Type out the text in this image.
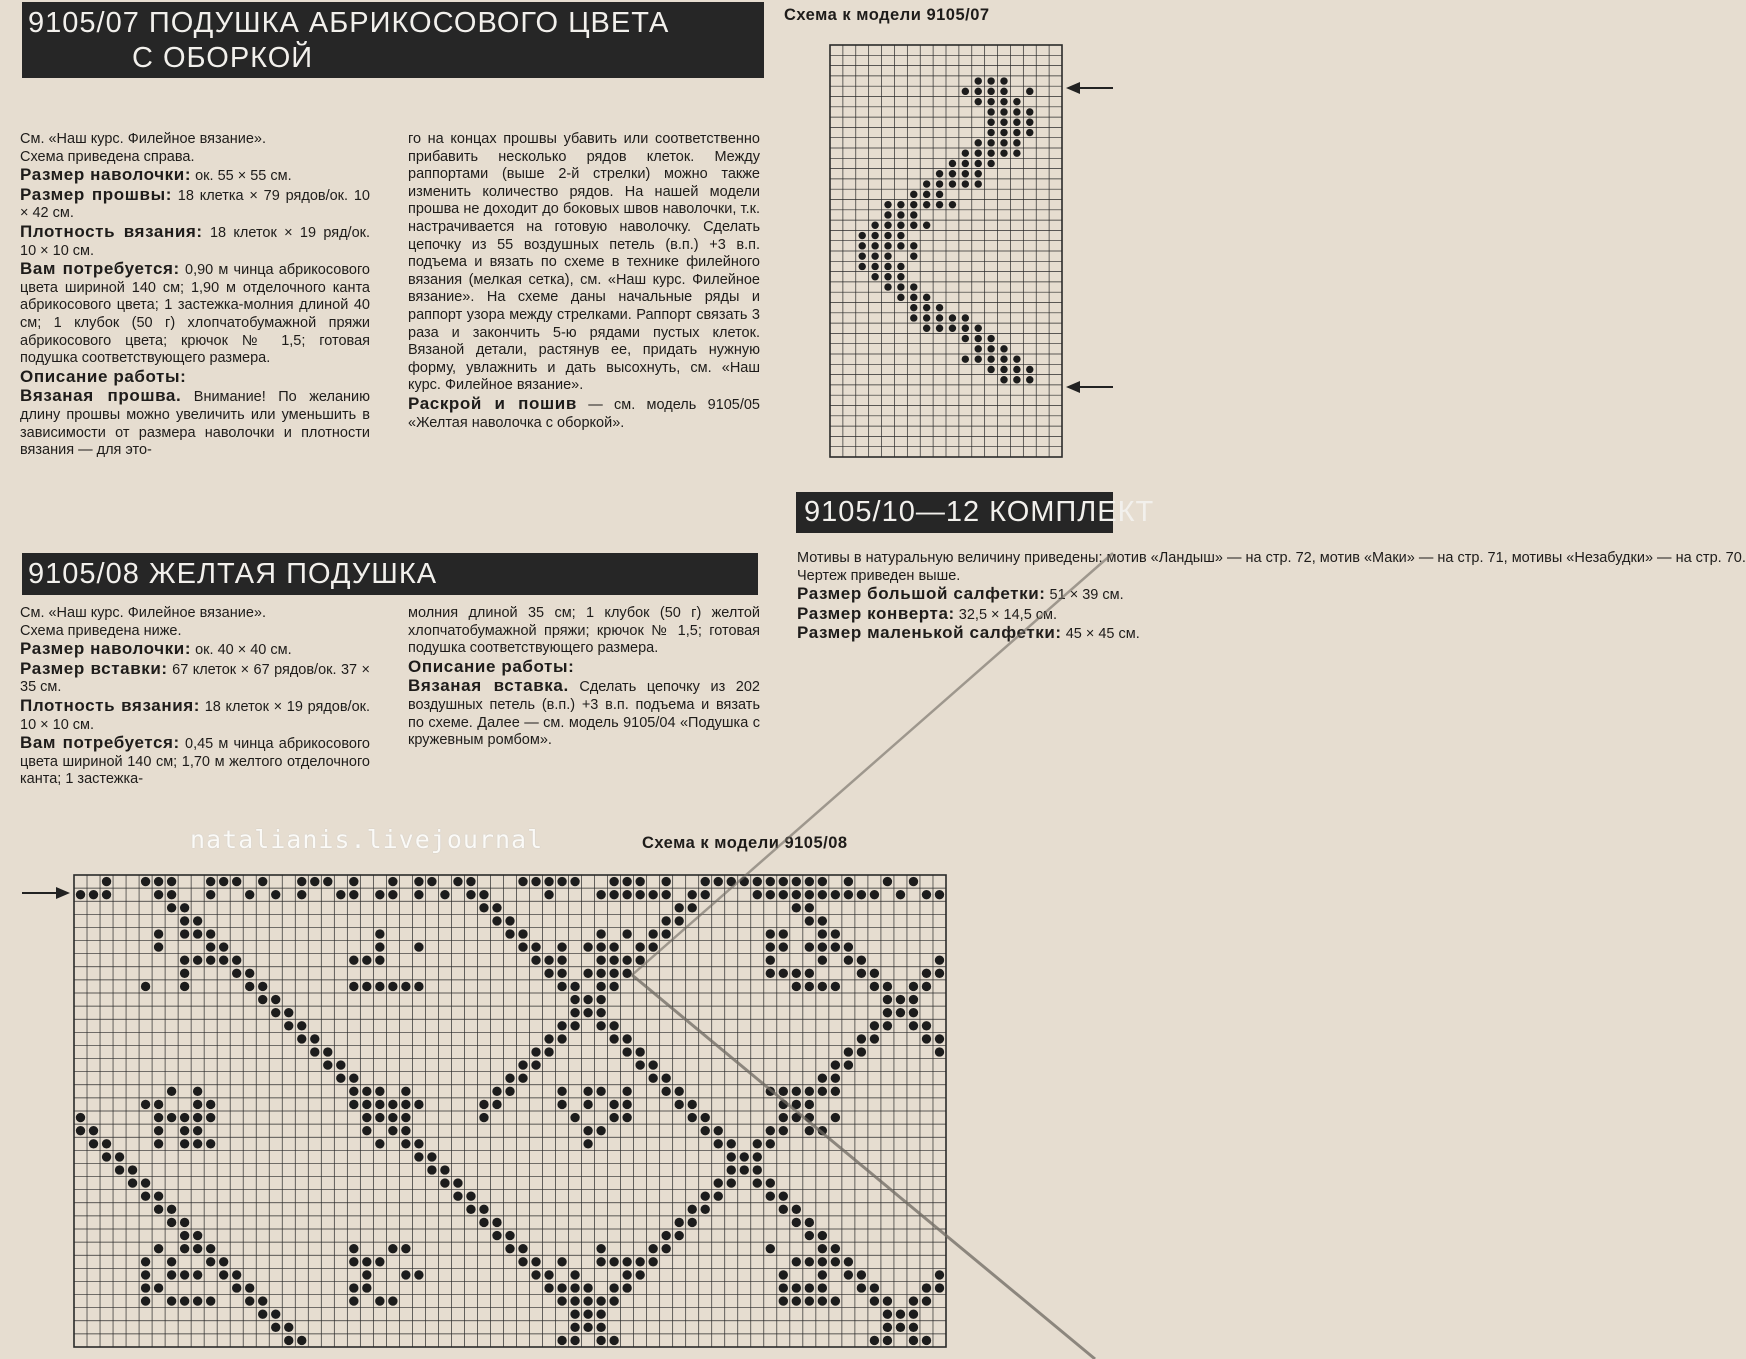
9105/07 ПОДУШКА АБРИКОСОВОГО ЦВЕТА
С ОБОРКОЙ

См. «Наш курс. Филейное вязание».

Схема приведена справа.

Размер наволочки: ок. 55 × 55 см.

Размер прошвы: 18 клетка × 79 рядов/ок. 10 × 42 см.

Плотность вязания: 18 клеток × 19 ряд/ок. 10 × 10 см.

Вам потребуется: 0,90 м чинца абрикосового цвета шириной 140 см; 1,90 м отделочного канта абрикосового цвета; 1 застежка-молния длиной 40 см; 1 клубок (50 г) хлопчатобумажной пряжи абрикосового цвета; крючок № 1,5; готовая подушка соответствующего размера.

Описание работы:

Вязаная прошва. Внимание! По желанию длину прошвы можно увеличить или уменьшить в зависимости от размера наволочки и плотности вязания — для это-

го на концах прошвы убавить или соответственно прибавить несколько рядов клеток. Между раппортами (выше 2-й стрелки) можно также изменить количество рядов. На нашей модели прошва не доходит до боковых швов наволочки, т.к. настрачивается на готовую наволочку. Сделать цепочку из 55 воздушных петель (в.п.) +3 в.п. подъема и вязать по схеме в технике филейного вязания (мелкая сетка), см. «Наш курс. Филейное вязание». На схеме даны начальные ряды и раппорт узора между стрелками. Раппорт связать 3 раза и закончить 5-ю рядами пустых клеток. Вязаной детали, растянув ее, придать нужную форму, увлажнить и дать высохнуть, см. «Наш курс. Филейное вязание».

Раскрой и пошив — см. модель 9105/05 «Желтая наволочка с оборкой».

Схема к модели 9105/07
9105/10—12 КОМПЛЕКТ

Мотивы в натуральную величину приведены: мотив «Ландыш» — на стр. 72, мотив «Маки» — на стр. 71, мотивы «Незабудки» — на стр. 70.

Чертеж приведен выше.

Размер большой салфетки: 51 × 39 см.

Размер конверта: 32,5 × 14,5 см.

Размер маленькой салфетки: 45 × 45 см.

9105/08 ЖЕЛТАЯ ПОДУШКА

См. «Наш курс. Филейное вязание».

Схема приведена ниже.

Размер наволочки: ок. 40 × 40 см.

Размер вставки: 67 клеток × 67 рядов/ок. 37 × 35 см.

Плотность вязания: 18 клеток × 19 рядов/ок. 10 × 10 см.

Вам потребуется: 0,45 м чинца абрикосового цвета шириной 140 см; 1,70 м желтого отделочного канта; 1 застежка-

молния длиной 35 см; 1 клубок (50 г) желтой хлопчатобумажной пряжи; крючок № 1,5; готовая подушка соответствующего размера.

Описание работы:

Вязаная вставка. Сделать цепочку из 202 воздушных петель (в.п.) +3 в.п. подъема и вязать по схеме. Далее — см. модель 9105/04 «Подушка с кружевным ромбом».

Схема к модели 9105/08
natalianis.livejournal
